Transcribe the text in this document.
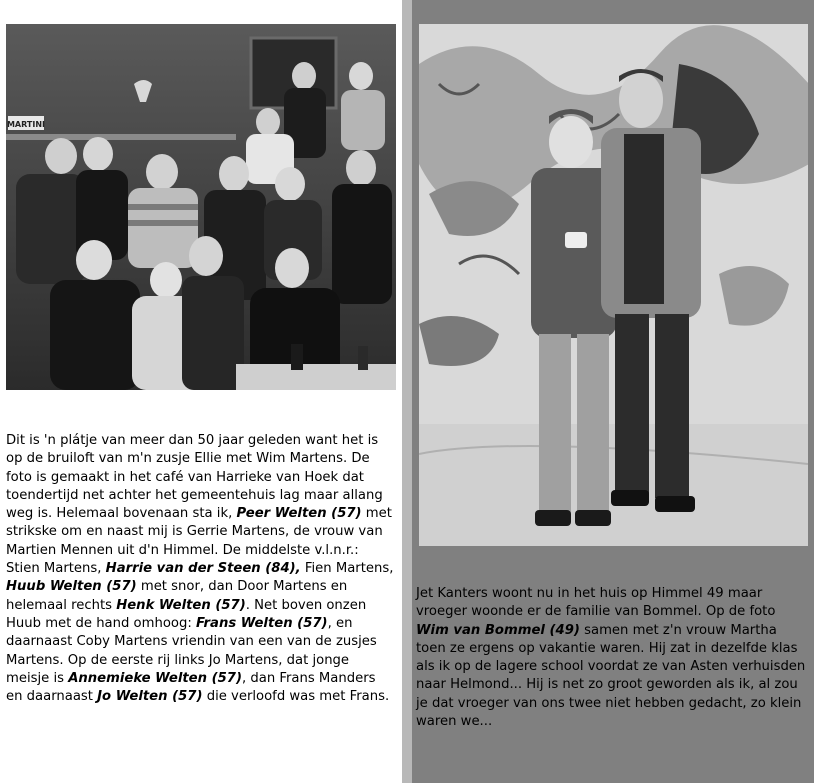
MARTINI

Dit is 'n plátje van meer dan 50 jaar geleden want het is op de bruiloft van m'n zusje Ellie met Wim Martens. De foto is gemaakt in het café van Harrieke van Hoek dat toendertijd net achter het gemeentehuis lag maar allang weg is. Helemaal bovenaan sta ik, Peer Welten (57) met strikske om en naast mij is Gerrie Martens, de vrouw van Martien Mennen uit d'n Himmel. De middelste v.l.n.r.: Stien Martens, Harrie van der Steen (84), Fien Martens, Huub Welten (57) met snor, dan Door Martens en helemaal rechts Henk Welten (57). Net boven onzen Huub met de hand omhoog: Frans Welten (57), en daarnaast Coby Martens vriendin van een van de zusjes Martens. Op de eerste rij links Jo Martens, dat jonge meisje is Annemieke Welten (57), dan Frans Manders en daarnaast Jo Welten (57) die verloofd was met Frans.

Jet Kanters woont nu in het huis op Himmel 49 maar vroeger woonde er de familie van Bommel. Op de foto Wim van Bommel (49) samen met z'n vrouw Martha toen ze ergens op vakantie waren. Hij zat in dezelfde klas als ik op de lagere school voordat ze van Asten verhuisden naar Helmond... Hij is net zo groot geworden als ik, al zou je dat vroeger van ons twee niet hebben gedacht, zo klein waren we...
